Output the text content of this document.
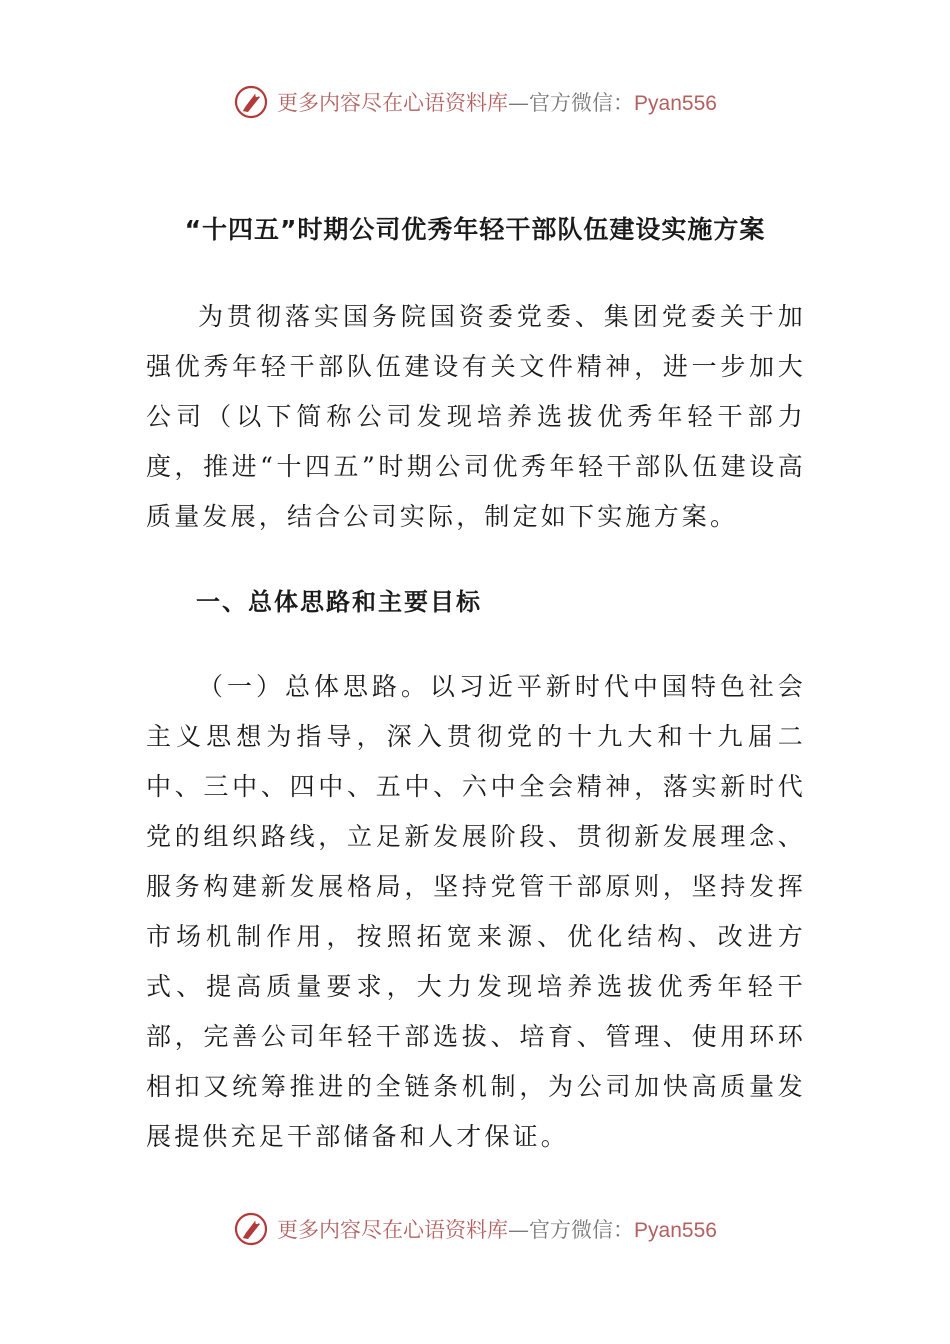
更多内容尽在心语资料库—官方微信：Pyan556
“十四五”时期公司优秀年轻干部队伍建设实施方案

为贯彻落实国务院国资委党委、集团党委关于加强优秀年轻干部队伍建设有关文件精神，进一步加大公司（以下简称公司发现培养选拔优秀年轻干部力度，推进“十四五”时期公司优秀年轻干部队伍建设高质量发展，结合公司实际，制定如下实施方案。

一、总体思路和主要目标

（一）总体思路。以习近平新时代中国特色社会主义思想为指导，深入贯彻党的十九大和十九届二中、三中、四中、五中、六中全会精神，落实新时代党的组织路线，立足新发展阶段、贯彻新发展理念、服务构建新发展格局，坚持党管干部原则，坚持发挥市场机制作用，按照拓宽来源、优化结构、改进方式、提高质量要求，大力发现培养选拔优秀年轻干部，完善公司年轻干部选拔、培育、管理、使用环环相扣又统筹推进的全链条机制，为公司加快高质量发展提供充足干部储备和人才保证。

更多内容尽在心语资料库—官方微信：Pyan556
